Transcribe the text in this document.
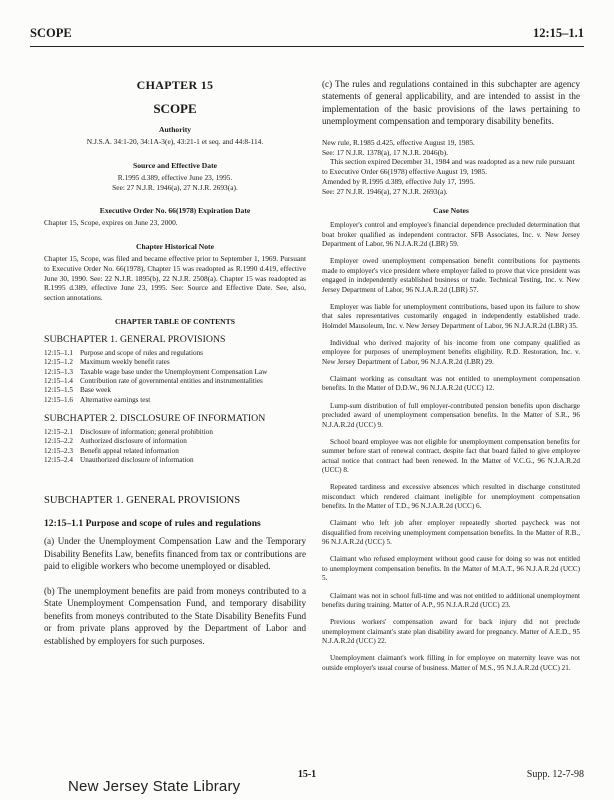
SCOPE	12:15–1.1
CHAPTER 15
SCOPE
Authority
N.J.S.A. 34:1-20, 34:1A-3(e), 43:21-1 et seq. and 44:8-114.
Source and Effective Date
R.1995 d.389, effective June 23, 1995.
See: 27 N.J.R. 1946(a), 27 N.J.R. 2693(a).
Executive Order No. 66(1978) Expiration Date
Chapter 15, Scope, expires on June 23, 2000.
Chapter Historical Note
Chapter 15, Scope, was filed and became effective prior to September 1, 1969. Pursuant to Executive Order No. 66(1978), Chapter 15 was readopted as R.1990 d.419, effective June 30, 1990. See: 22 N.J.R. 1895(b), 22 N.J.R. 2508(a). Chapter 15 was readopted as R.1995 d.389, effective June 23, 1995. See: Source and Effective Date. See, also, section annotations.
CHAPTER TABLE OF CONTENTS
SUBCHAPTER 1. GENERAL PROVISIONS
12:15–1.1 Purpose and scope of rules and regulations
12:15–1.2 Maximum weekly benefit rates
12:15–1.3 Taxable wage base under the Unemployment Compensation Law
12:15–1.4 Contribution rate of governmental entities and instrumentalities
12:15–1.5 Base week
12:15–1.6 Alternative earnings test
SUBCHAPTER 2. DISCLOSURE OF INFORMATION
12:15–2.1 Disclosure of information; general prohibition
12:15–2.2 Authorized disclosure of information
12:15–2.3 Benefit appeal related information
12:15–2.4 Unauthorized disclosure of information
SUBCHAPTER 1. GENERAL PROVISIONS
12:15–1.1 Purpose and scope of rules and regulations
(a) Under the Unemployment Compensation Law and the Temporary Disability Benefits Law, benefits financed from tax or contributions are paid to eligible workers who become unemployed or disabled.
(b) The unemployment benefits are paid from moneys contributed to a State Unemployment Compensation Fund, and temporary disability benefits from moneys contributed to the State Disability Benefits Fund or from private plans approved by the Department of Labor and established by employers for such purposes.
(c) The rules and regulations contained in this subchapter are agency statements of general applicability, and are intended to assist in the implementation of the basic provisions of the laws pertaining to unemployment compensation and temporary disability benefits.
New rule, R.1985 d.425, effective August 19, 1985.
See: 17 N.J.R. 1378(a), 17 N.J.R. 2046(b).
This section expired December 31, 1984 and was readopted as a new rule pursuant to Executive Order 66(1978) effective August 19, 1985.
Amended by R.1995 d.389, effective July 17, 1995.
See: 27 N.J.R. 1946(a), 27 N.J.R. 2693(a).
Case Notes
Employer's control and employee's financial dependence precluded determination that boat broker qualified as independent contractor. SFB Associates, Inc. v. New Jersey Department of Labor, 96 N.J.A.R.2d (LBR) 59.
Employer owed unemployment compensation benefit contributions for payments made to employer's vice president where employer failed to prove that vice president was engaged in independently established business or trade. Technical Testing, Inc. v. New Jersey Department of Labor, 96 N.J.A.R.2d (LBR) 57.
Employer was liable for unemployment contributions, based upon its failure to show that sales representatives customarily engaged in independently established trade. Holmdel Mausoleum, Inc. v. New Jersey Department of Labor, 96 N.J.A.R.2d (LBR) 35.
Individual who derived majority of his income from one company qualified as employee for purposes of unemployment benefits eligibility. R.D. Restoration, Inc. v. New Jersey Department of Labor, 96 N.J.A.R.2d (LBR) 29.
Claimant working as consultant was not entitled to unemployment compensation benefits. In the Matter of D.D.W., 96 N.J.A.R.2d (UCC) 12.
Lump-sum distribution of full employer-contributed pension benefits upon discharge precluded award of unemployment compensation benefits. In the Matter of S.R., 96 N.J.A.R.2d (UCC) 9.
School board employee was not eligible for unemployment compensation benefits for summer before start of renewal contract, despite fact that board failed to give employee actual notice that contract had been renewed. In the Matter of V.C.G., 96 N.J.A.R.2d (UCC) 8.
Repeated tardiness and excessive absences which resulted in discharge constituted misconduct which rendered claimant ineligible for unemployment compensation benefits. In the Matter of T.D., 96 N.J.A.R.2d (UCC) 6.
Claimant who left job after employer repeatedly shorted paycheck was not disqualified from receiving unemployment compensation benefits. In the Matter of R.B., 96 N.J.A.R.2d (UCC) 5.
Claimant who refused employment without good cause for doing so was not entitled to unemployment compensation benefits. In the Matter of M.A.T., 96 N.J.A.R.2d (UCC) 5.
Claimant was not in school full-time and was not entitled to additional unemployment benefits during training. Matter of A.P., 95 N.J.A.R.2d (UCC) 23.
Previous workers' compensation award for back injury did not preclude unemployment claimant's state plan disability award for pregnancy. Matter of A.E.D., 95 N.J.A.R.2d (UCC) 22.
Unemployment claimant's work filling in for employee on maternity leave was not outside employer's usual course of business. Matter of M.S., 95 N.J.A.R.2d (UCC) 21.
15-1	Supp. 12-7-98
New Jersey State Library
